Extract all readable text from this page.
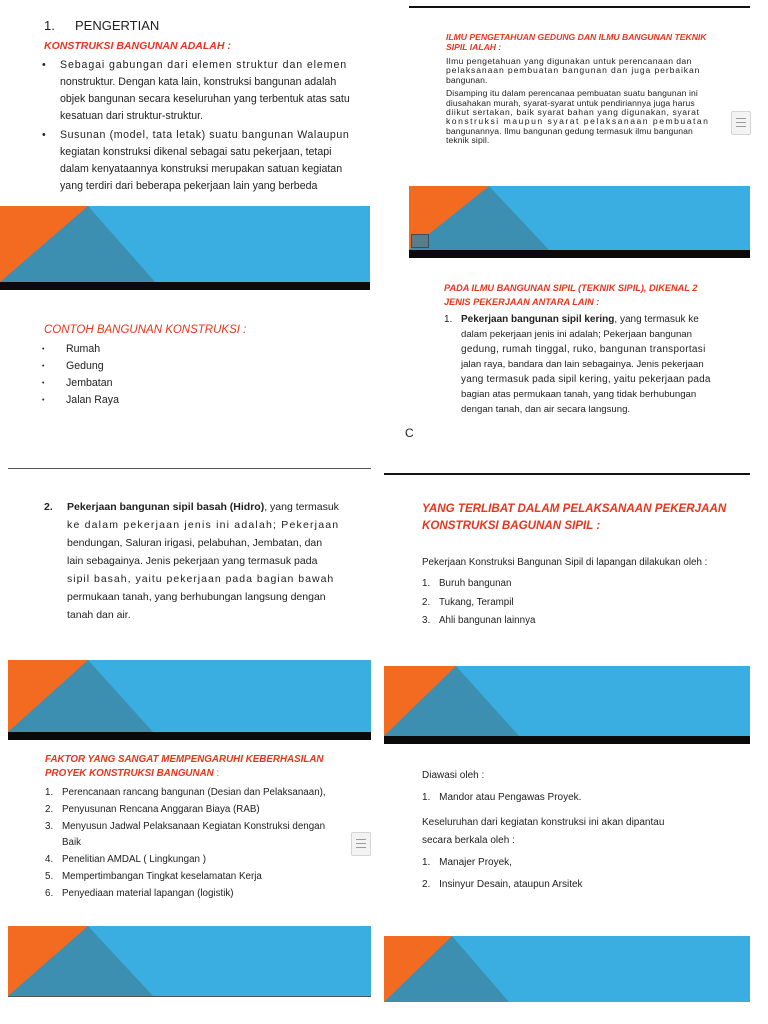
1. PENGERTIAN
KONSTRUKSI BANGUNAN ADALAH :
• Sebagai gabungan dari elemen struktur dan elemen
nonstruktur. Dengan kata lain, konstruksi bangunan adalah
objek bangunan secara keseluruhan yang terbentuk atas satu
kesatuan dari struktur-struktur.
• Susunan (model, tata letak) suatu bangunan Walaupun
kegiatan konstruksi dikenal sebagai satu pekerjaan, tetapi
dalam kenyataannya konstruksi merupakan satuan kegiatan
yang terdiri dari beberapa pekerjaan lain yang berbeda
ILMU PENGETAHUAN GEDUNG DAN ILMU BANGUNAN TEKNIK
SIPIL IALAH :
Ilmu pengetahuan yang digunakan untuk perencanaan dan
pelaksanaan pembuatan bangunan dan juga perbaikan
bangunan.
Disamping itu dalam perencanaa pembuatan suatu bangunan ini
diusahakan murah, syarat-syarat untuk pendiriannya juga harus
diikut sertakan, baik syarat bahan yang digunakan, syarat
konstruksi maupun syarat pelaksanaan pembuatan
bangunannya. Ilmu bangunan gedung termasuk ilmu bangunan
teknik sipil.
CONTOH BANGUNAN KONSTRUKSI :
• Rumah
• Gedung
• Jembatan
• Jalan Raya
PADA ILMU BANGUNAN SIPIL (TEKNIK SIPIL), DIKENAL 2
JENIS PEKERJAAN ANTARA LAIN :
1. Pekerjaan bangunan sipil kering, yang termasuk ke
dalam pekerjaan jenis ini adalah; Pekerjaan bangunan
gedung, rumah tinggal, ruko, bangunan transportasi
jalan raya, bandara dan lain sebagainya. Jenis pekerjaan
yang termasuk pada sipil kering, yaitu pekerjaan pada
bagian atas permukaan tanah, yang tidak berhubungan
dengan tanah, dan air secara langsung.
C
2. Pekerjaan bangunan sipil basah (Hidro), yang termasuk
ke dalam pekerjaan jenis ini adalah; Pekerjaan
bendungan, Saluran irigasi, pelabuhan, Jembatan, dan
lain sebagainya. Jenis pekerjaan yang termasuk pada
sipil basah, yaitu pekerjaan pada bagian bawah
permukaan tanah, yang berhubungan langsung dengan
tanah dan air.
YANG TERLIBAT DALAM PELAKSANAAN PEKERJAAN
KONSTRUKSI BAGUNAN SIPIL :
Pekerjaan Konstruksi Bangunan Sipil di lapangan dilakukan oleh :
1. Buruh bangunan
2. Tukang, Terampil
3. Ahli bangunan lainnya
FAKTOR YANG SANGAT MEMPENGARUHI KEBERHASILAN
PROYEK KONSTRUKSI BANGUNAN :
1. Perencanaan rancang bangunan (Desian dan Pelaksanaan),
2. Penyusunan Rencana Anggaran Biaya (RAB)
3. Menyusun Jadwal Pelaksanaan Kegiatan Konstruksi dengan
Baik
4. Penelitian AMDAL ( Lingkungan )
5. Mempertimbangan Tingkat keselamatan Kerja
6. Penyediaan material lapangan (logistik)
Diawasi oleh :
1. Mandor atau Pengawas Proyek.
Keseluruhan dari kegiatan konstruksi ini akan dipantau
secara berkala oleh :
1. Manajer Proyek,
2. Insinyur Desain, ataupun Arsitek
